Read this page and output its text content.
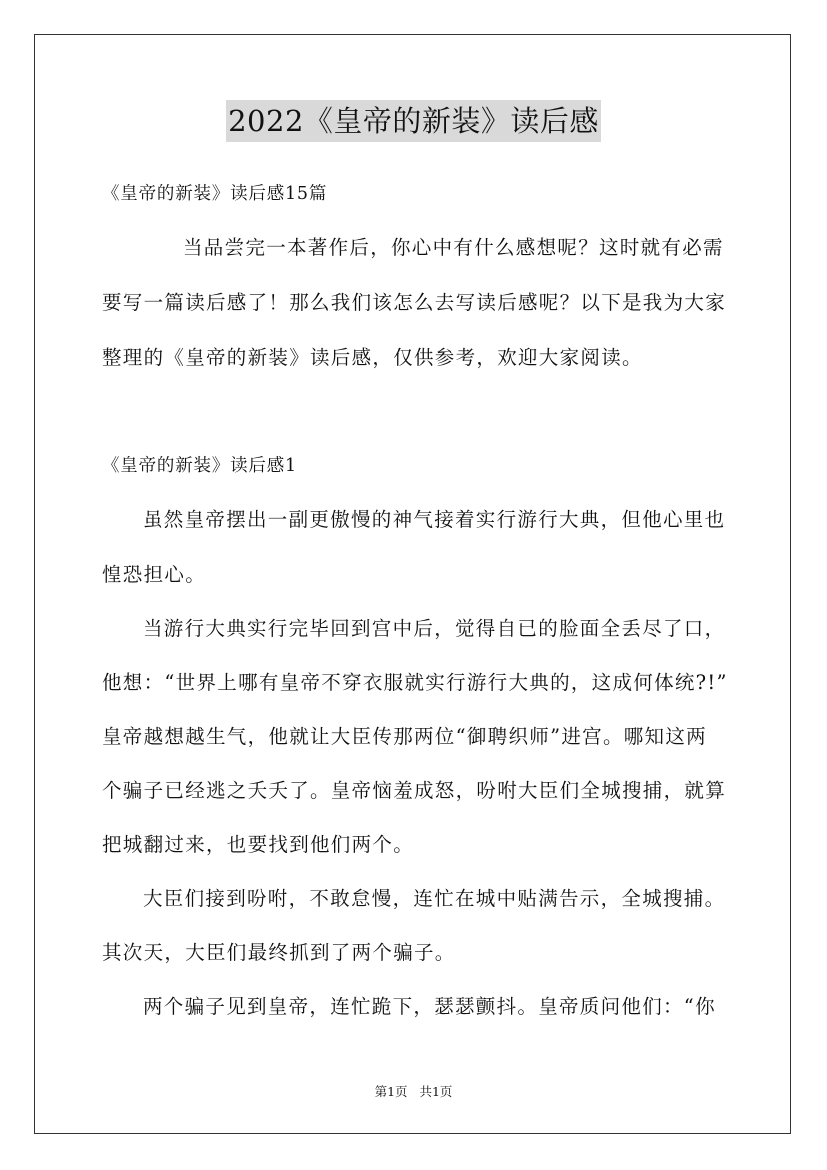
2022《皇帝的新装》读后感
《皇帝的新装》读后感15篇
当品尝完一本著作后，你心中有什么感想呢？这时就有必需
要写一篇读后感了！那么我们该怎么去写读后感呢？以下是我为大家
整理的《皇帝的新装》读后感，仅供参考，欢迎大家阅读。
《皇帝的新装》读后感1
虽然皇帝摆出一副更傲慢的神气接着实行游行大典，但他心里也
惶恐担心。
当游行大典实行完毕回到宫中后，觉得自已的脸面全丢尽了口，
他想：“世界上哪有皇帝不穿衣服就实行游行大典的，这成何体统?!”
皇帝越想越生气，他就让大臣传那两位“御聘织师”进宫。哪知这两
个骗子已经逃之夭夭了。皇帝恼羞成怒，吩咐大臣们全城搜捕，就算
把城翻过来，也要找到他们两个。
大臣们接到吩咐，不敢怠慢，连忙在城中贴满告示，全城搜捕。
其次天，大臣们最终抓到了两个骗子。
两个骗子见到皇帝，连忙跪下，瑟瑟颤抖。皇帝质问他们：“你
第1页 共1页
